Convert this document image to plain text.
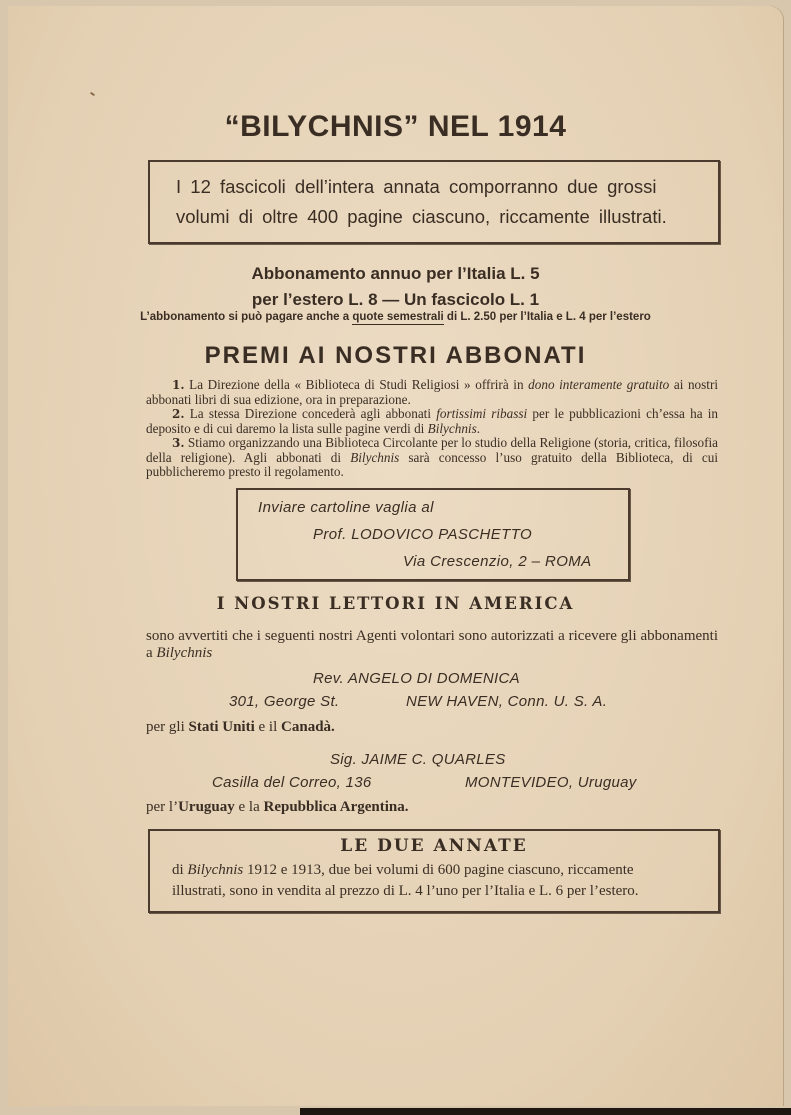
“BILYCHNIS” NEL 1914
I 12 fascicoli dell’intera annata comporranno due grossi
volumi di oltre 400 pagine ciascuno, riccamente illustrati.
Abbonamento annuo per l’Italia L. 5
per l’estero L. 8 — Un fascicolo L. 1
L’abbonamento si può pagare anche a quote semestrali di L. 2.50 per l’Italia e L. 4 per l’estero
PREMI AI NOSTRI ABBONATI

1. La Direzione della « Biblioteca di Studi Religiosi » offrirà in dono interamente gratuito ai nostri abbonati libri di sua edizione, ora in preparazione.

2. La stessa Direzione concederà agli abbonati fortissimi ribassi per le pubblicazioni ch’essa ha in deposito e di cui daremo la lista sulle pagine verdi di Bilychnis.

3. Stiamo organizzando una Biblioteca Circolante per lo studio della Religione (storia, critica, filosofia della religione). Agli abbonati di Bilychnis sarà concesso l’uso gratuito della Biblioteca, di cui pubblicheremo presto il regolamento.

Inviare cartoline vaglia al
Prof. LODOVICO PASCHETTO
Via Crescenzio, 2 – ROMA
I NOSTRI LETTORI IN AMERICA
sono avvertiti che i seguenti nostri Agenti volontari sono autorizzati a ricevere gli abbonamenti a Bilychnis
Rev. ANGELO DI DOMENICA
301, George St.	NEW HAVEN, Conn. U. S. A.
per gli Stati Uniti e il Canadà.
Sig. JAIME C. QUARLES
Casilla del Correo, 136	MONTEVIDEO, Uruguay
per l’Uruguay e la Repubblica Argentina.
LE DUE ANNATE
di Bilychnis 1912 e 1913, due bei volumi di 600 pagine ciascuno, riccamente
illustrati, sono in vendita al prezzo di L. 4 l’uno per l’Italia e L. 6 per l’estero.
